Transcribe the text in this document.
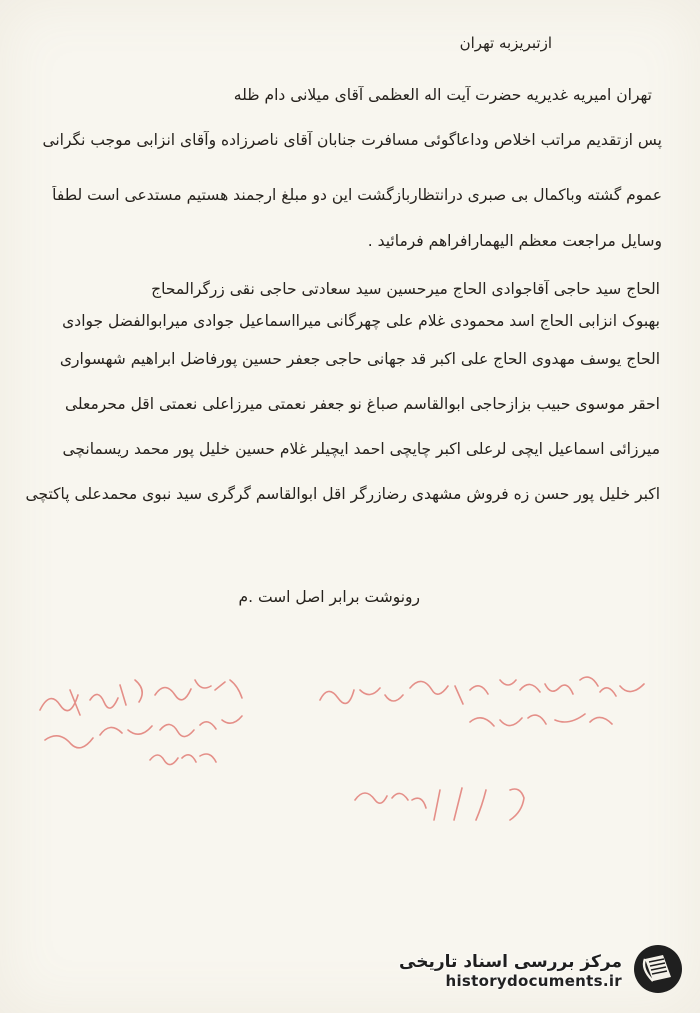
ازتبریزبه تهران

تهران امیریه غدیریه حضرت آیت اله العظمی آقای میلانی دام ظله

پس ازتقدیم مراتب اخلاص وداعاگوئی مسافرت جنابان آقای ناصرزاده وآقای انزابی موجب نگرانی

عموم گشته وباکمال بی صبری درانتظاربازگشت این دو مبلغ ارجمند هستیم مستدعی است لطفاً

وسایل مراجعت معظم الیهمارافراهم فرمائید .

الحاج سید حاجی آقاجوادی الحاج میرحسین سید سعادتی حاجی نقی زرگرالمحاج

بهبوک انزابی الحاج اسد محمودی غلام علی چهرگانی میرااسماعیل جوادی میرابوالفضل جوادی

الحاج یوسف مهدوی الحاج علی اکبر قد جهانی حاجی جعفر حسین پورفاضل ابراهیم شهسواری

احقر موسوی حبیب بزازحاجی ابوالقاسم صباغ نو جعفر نعمتی میرزاعلی نعمتی اقل محرمعلی

میرزائی اسماعیل ایچی لرعلی اکبر چایچی احمد ایچیلر غلام حسین خلیل پور محمد ریسمانچی

اکبر خلیل پور حسن زه فروش مشهدی رضازرگر اقل ابوالقاسم گرگری سید نبوی محمدعلی پاکتچی

رونوشت برابر اصل است .م

مرکز بررسی اسناد تاریخی
historydocuments.ir
